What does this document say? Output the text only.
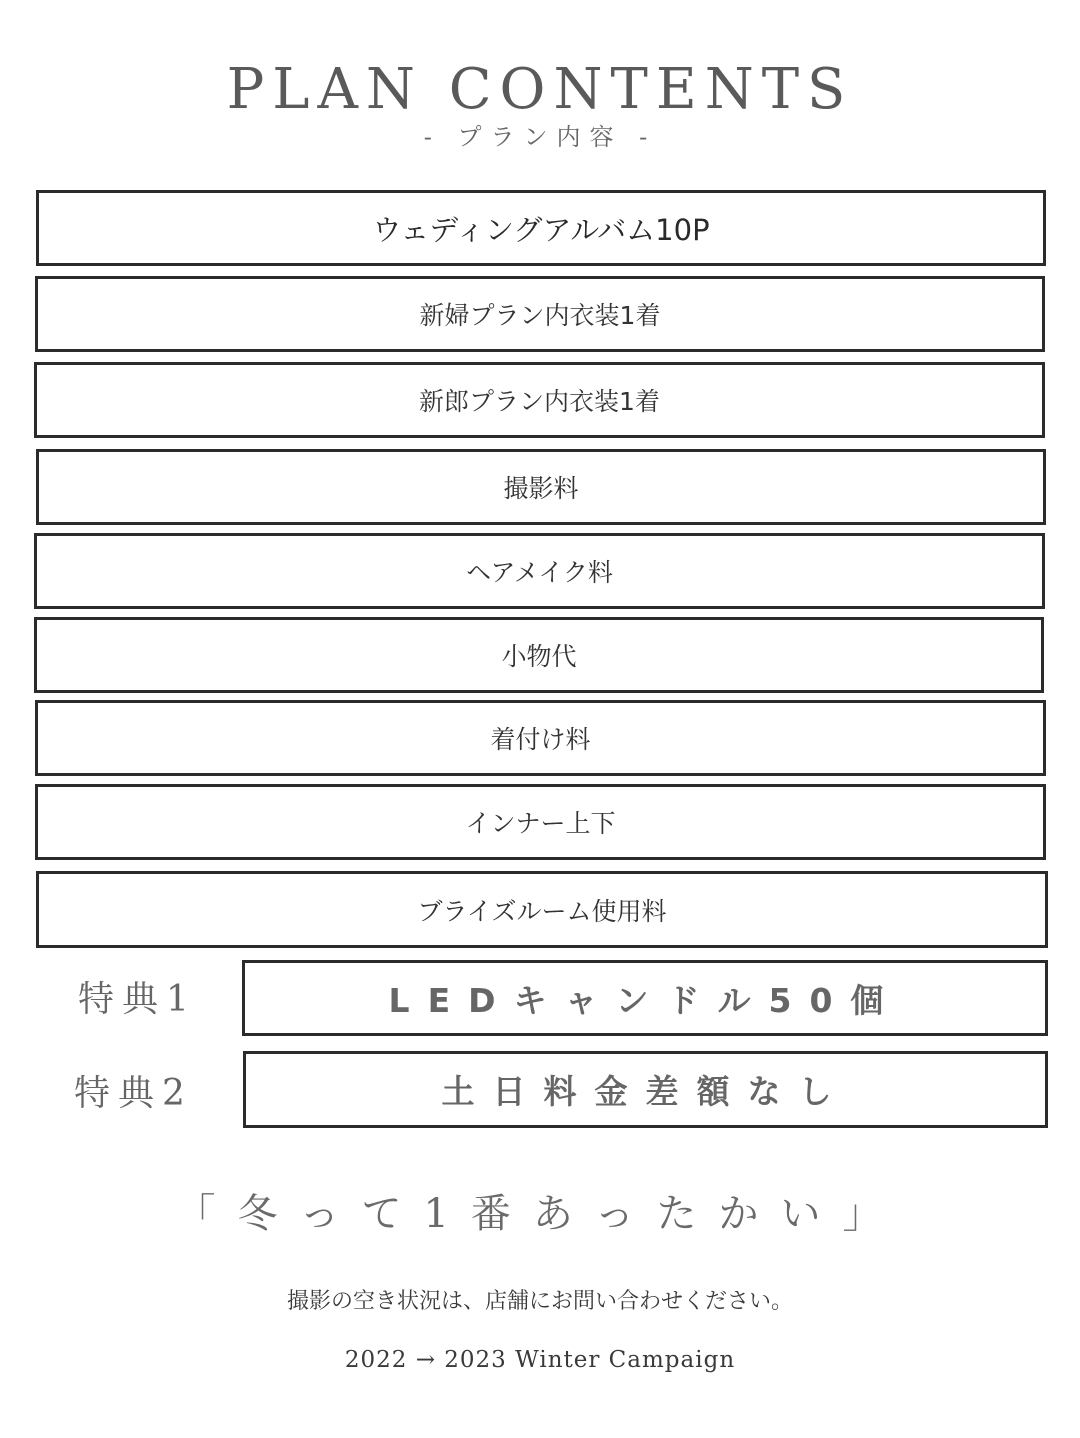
PLAN CONTENTS
- プラン内容 -
ウェディングアルバム10P
新婦プラン内衣装1着
新郎プラン内衣装1着
撮影料
ヘアメイク料
小物代
着付け料
インナー上下
ブライズルーム使用料
特典1	LEDキャンドル50個
特典2	土日料金差額なし
「冬って1番あったかい」
撮影の空き状況は、店舗にお問い合わせください。
2022 → 2023 Winter Campaign
